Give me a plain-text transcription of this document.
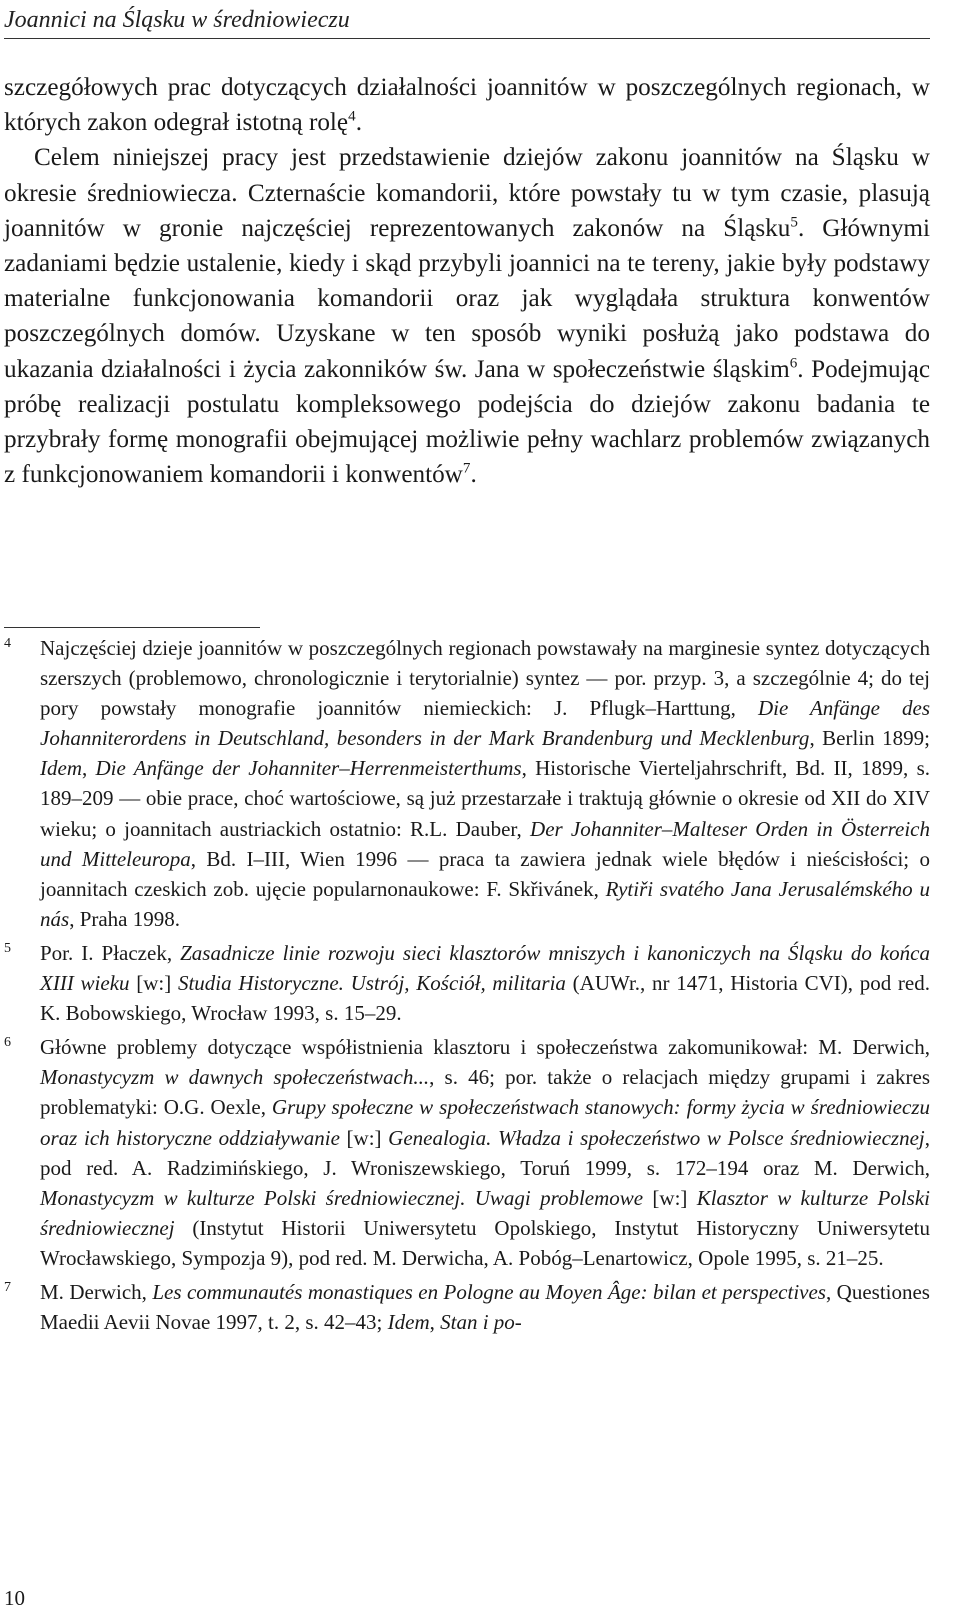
Joannici na Śląsku w średniowieczu

szczegółowych prac dotyczących działalności joannitów w poszczególnych regionach, w których zakon odegrał istotną rolę$^4$.

Celem niniejszej pracy jest przedstawienie dziejów zakonu joannitów na Śląsku w okresie średniowiecza. Czternaście komandorii, które powstały tu w tym czasie, plasują joannitów w gronie najczęściej reprezentowanych zakonów na Śląsku$^5$. Głównymi zadaniami będzie ustalenie, kiedy i skąd przybyli joannici na te tereny, jakie były podstawy materialne funkcjonowania komandorii oraz jak wyglądała struktura konwentów poszczególnych domów. Uzyskane w ten sposób wyniki posłużą jako podstawa do ukazania działalności i życia zakonników św. Jana w społeczeństwie śląskim$^6$. Podejmując próbę realizacji postulatu kompleksowego podejścia do dziejów zakonu badania te przybrały formę monografii obejmującej możliwie pełny wachlarz problemów związanych z funkcjonowaniem komandorii i konwentów$^7$.

4	Najczęściej dzieje joannitów w poszczególnych regionach powstawały na marginesie syntez dotyczących szerszych (problemowo, chronologicznie i terytorialnie) syntez — por. przyp. 3, a szczególnie 4; do tej pory powstały monografie joannitów niemieckich: J. Pflugk–Harttung, Die Anfänge des Johanniterordens in Deutschland, besonders in der Mark Brandenburg und Mecklenburg, Berlin 1899; Idem, Die Anfänge der Johanniter–Herrenmeisterthums, Historische Vierteljahrschrift, Bd. II, 1899, s. 189–209 — obie prace, choć wartościowe, są już przestarzałe i traktują głównie o okresie od XII do XIV wieku; o joannitach austriackich ostatnio: R.L. Dauber, Der Johanniter–Malteser Orden in Österreich und Mitteleuropa, Bd. I–III, Wien 1996 — praca ta zawiera jednak wiele błędów i nieścisłości; o joannitach czeskich zob. ujęcie popularnonaukowe: F. Skřivánek, Rytiři svatého Jana Jerusalémského u nás, Praha 1998.
5	Por. I. Płaczek, Zasadnicze linie rozwoju sieci klasztorów mniszych i kanoniczych na Śląsku do końca XIII wieku [w:] Studia Historyczne. Ustrój, Kościół, militaria (AUWr., nr 1471, Historia CVI), pod red. K. Bobowskiego, Wrocław 1993, s. 15–29.
6	Główne problemy dotyczące współistnienia klasztoru i społeczeństwa zakomunikował: M. Derwich, Monastycyzm w dawnych społeczeństwach..., s. 46; por. także o relacjach między grupami i zakres problematyki: O.G. Oexle, Grupy społeczne w społeczeństwach stanowych: formy życia w średniowieczu oraz ich historyczne oddziaływanie [w:] Genealogia. Władza i społeczeństwo w Polsce średniowiecznej, pod red. A. Radzimińskiego, J. Wroniszewskiego, Toruń 1999, s. 172–194 oraz M. Derwich, Monastycyzm w kulturze Polski średniowiecznej. Uwagi problemowe [w:] Klasztor w kulturze Polski średniowiecznej (Instytut Historii Uniwersytetu Opolskiego, Instytut Historyczny Uniwersytetu Wrocławskiego, Sympozja 9), pod red. M. Derwicha, A. Pobóg–Lenartowicz, Opole 1995, s. 21–25.
7	M. Derwich, Les communautés monastiques en Pologne au Moyen Âge: bilan et perspectives, Questiones Maedii Aevii Novae 1997, t. 2, s. 42–43; Idem, Stan i po-
10
